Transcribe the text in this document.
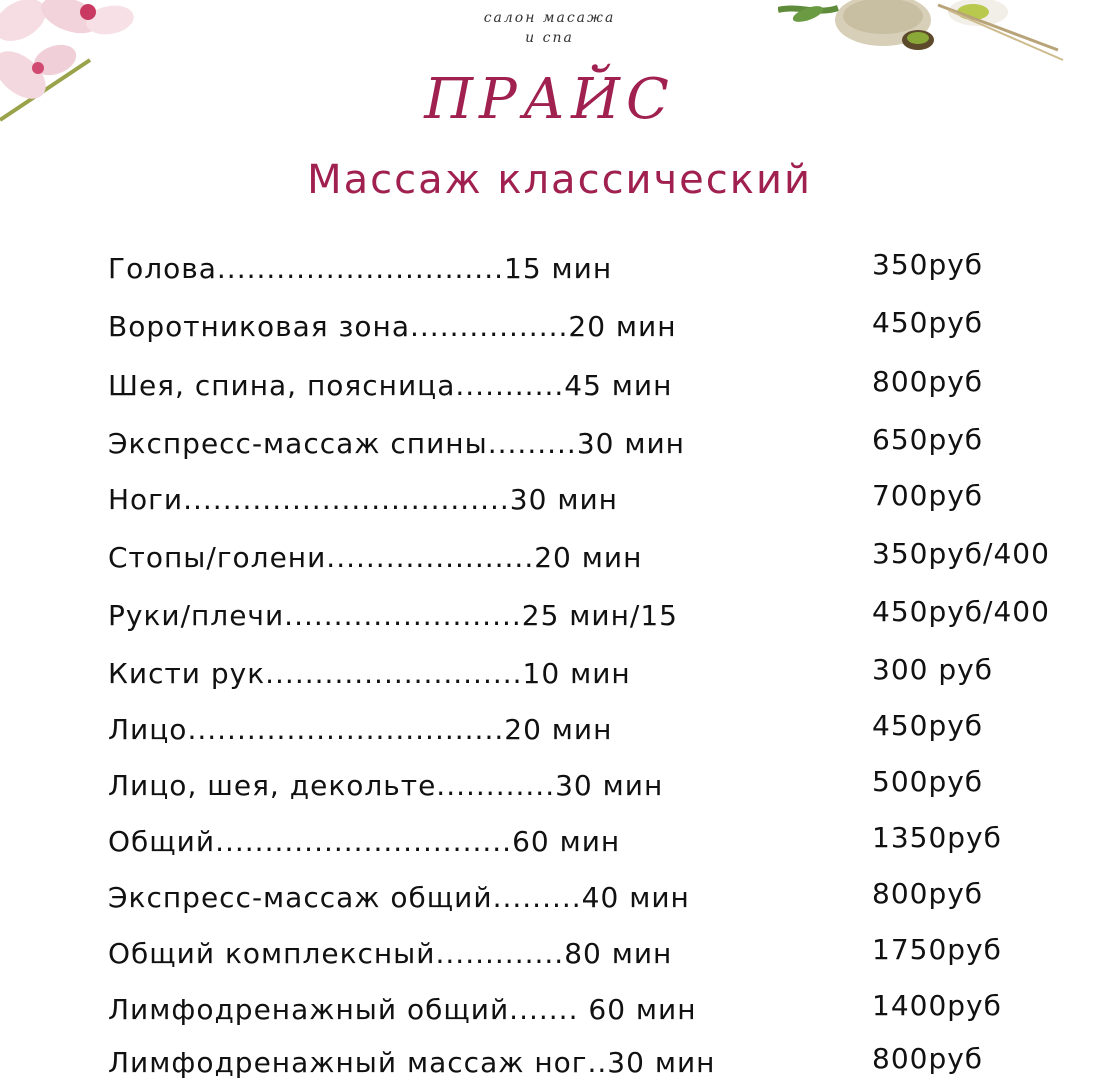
салон масажа
и спа
ПРАЙС
Массаж классический
Голова.............................15 мин	350руб
Воротниковая зона................20 мин	450руб
Шея, спина, поясница...........45 мин	800руб
Экспресс-массаж спины.........30 мин	650руб
Ноги.................................30 мин	700руб
Стопы/голени.....................20 мин	350руб/400
Руки/плечи........................25 мин/15	450руб/400
Кисти рук..........................10 мин	300 руб
Лицо................................20 мин	450руб
Лицо, шея, декольте............30 мин	500руб
Общий..............................60 мин	1350руб
Экспресс-массаж общий.........40 мин	800руб
Общий комплексный.............80 мин	1750руб
Лимфодренажный общий....... 60 мин	1400руб
Лимфодренажный массаж ног..30 мин	800руб
